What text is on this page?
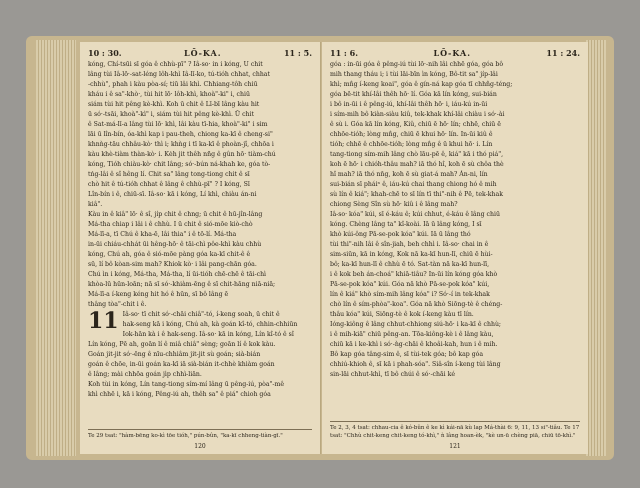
10 : 30.	LŌ-KA.	11 : 5.
kóng, Chí-tsūi sī góa ê chhù-pī" ? Iâ-so· in i kóng, U chit
lâng tùi Iâ-lō·-sat-léng lôh-khì Iâ-lī-ko, tú-tióh chhat, chhat
-chhù", phah i kàu pòa-sí; tiū lâi khì. Chhiang-tôh chiū
kháu i ê sa"-khò·, tùi hit lō· lôh-khì, khoà"-ki" i, chiū
siám tùi hit pêng kè-khì. Koh ū chit ê Lī-bī lâng kàu hit
ū só·-tsāi, khoà"-kì" i, siám tùi hit pêng kè-khì. Ū chit
ê Sat-má-lī-a lâng tùi lō· khì, lâi kàu tī-hia, khoà"-ki" i sim
lāi ū lîn-bín, óa-khì kap i pau-theh, chiong ka-kī ê cheng-si"
khnǹg-tāu chhâu-kò· thì i; khǹg i tī ka-kī ê phoàn-jî, chhōa i
kàu khè-tiàm thàn-kò· i. Kėh jit thêh nñg ê gûn hō· tiàm-chú
kóng, Tióh chiàu-kò· chit lâng; só·-bún ná-khah ke, góa tò-
tńg-lâi ê sî hêng lí. Chit sa" lâng tong-tiong chit ê sī
chò hit ê tú-tióh chhat ê lâng ê chhù-pī" ? I kóng, Sī
Lîn-bín i ê, chiū-sī. Iâ-so· kā i kóng, Lí khì, chiàu án-ni
kiâ".
Kàu in ê kiâ" lō· ê sî, ji̍p chit ê chng; ū chit ê hū-jîn-lâng
Má-tha chiap i lâi i ê chhù. I ū chit ê sió-mōe kiò-chò
Má-lī-a, tī Chú ê kha-ē, lâi thia" i ê tō-lí. Má-tha
in-ūi chiáu-chhát ūi hêng-hō· ê tāi-chì pôe-khì kàu chhù
kóng, Chú ah, góa ê sió-mōe pàng góa ka-kī chit-ê ê
sū, lí bô kòan-sim mah? Khiok kò· i lâi pang-chān góa.
Chú ìn i kóng, Má-tha, Má-tha, lí ūi-tióh chē-chē ê tāi-chì
khòa-lū hūn-loān; nā sī só·-khiàm-ēng ê sī chit-hāng niā-niā;
Má-lī-a í-keng kéng hit hó ê hūn, sī bô lâng ē
thâng tòa"-chit i ê.
11 Iâ-so· tī chit só·-chāi chiâ"-tó, í-keng soah, ū chit ê
hak-seng kā i kóng, Chú ah, kà goán kî-tó, chhin-chhiūn
Iok-hān kà i ê hak-seng. Iâ-so· kā in kóng, Lín kî-tó ê sî
Lín kóng, Pē ah, goān lí ê miâ chiâ" sèng; goān lí ê kok kàu.
Goán jit-jit só·-ēng ê nīu-chhiâm jit-jit sù goán; sià-bián
goán ê chōe, in-ūi goán ka-kī iā sià-bián it-chhè khiàm goán
ê lâng; mài chhōa goán ji̍p chhì-liān.
Koh tùi in kóng, Lín tang-tiong sím-mí lâng ū pêng-iú, pòa"-mê
khì chhē i, kā i kóng, Pêng-iú ah, thêh sa" ê piá" chioh góa
Te 29 tsat: "hàm-bēng ko-kì tōe tióh," pún-bûn, "ka-kī chheng-tiàn-gī."
120
11 : 6.	LŌ-KA.	11 : 24.
góa : in-ūi góa ê pêng-iú tùi lō·-nih lâi chhē góa, góa bô
mih thang tháu i; i tùi lāi-bīn ìn kóng, Bô-tit sa" ji̍p-lâi
khì; mn̂g í-keng koai", góa ê gín-ná kap góa tī chhn̂g-téng;
góa bē-tit khí-lâi thêh hō· lí. Góa kā lín kóng, sui-bián
i bô in-ūi i ê pêng-iú, khí-lâi thêh hō· i, iáu-kú in-ūi
i sím-mih bô kiàn-siàu kiû, tek-khak khí-lâi chiàu i só·-ài
ê sù i. Góa kā lín kóng, Kiû, chiū ē hō· lín; chhē, chiū ē
chhōe-tióh; lòng mn̂g, chiū ē khui hō· lín. In-ūi kiû ê
tióh; chhē ê chhōe-tióh; lòng mn̂g ê ū khui hō· i. Lín
tang-tiong sím-mih lâng chò lāu-pē ê, kiá" kā i thó piá",
koh ē hō· i chióh-thâu mah? iā thó hî, koh ē sù chôa thè
hî mah? iā thó nn̄g, koh ē sù giat-á mah? Án-ni, lín
sui-bián sī pháiⁿ ê, iáu-kú chai thang chiong hó ê mih
sù lín ê kiá"; khah-chē to sī lín tī thi"-nih ê Pē, tek-khak
chiong Sèng Sîn sù hō· kiû i ê lâng mah?
Iâ-so· kóa" kúi, sī é-káu ê; kúi chhut, é-káu ê lâng chiū
kóng. Chèng lâng ta" kî-koài. Iā ū lâng kóng, I sī
khò kúi-ông Pā-se-pok kóa" kúi. Iā ū lâng thó
tùi thi"-nih lâi ê sîn-jiah, beh chhì i. Iâ-so· chai in ê
sim-siūn, kā in kóng, Kok nā ka-kī hun-lī, chiū ē hùi-
bô; ka-kī hun-lī ê chhù ē tó. Sat-tàn nā ka-kī hun-lī,
i ê kok beh án-choá" khiā-tiâu? In-ūi lín kóng góa khò
Pā-se-pok kóa" kúi. Góa nā khò Pā-se-pok kóa" kúi,
lín ê kiá" khò sím-mih lâng kóa" i? Só·-í in tek-khak
chò lín ê sím-phòa"-koa". Góa nā khò Siōng-tè ê chéng-
thâu kóa" kúi, Siōng-tè ê kok í-keng kàu tī lín.
Ióng-kiông ê lâng chhut-chhiong siú-hō· i ka-kī ê chhù;
i ê mih-kiā" chiū pêng-an. Tōa-kiông-kè i ê lâng kàu,
chiū kā i ke-khì i só·-ǹg-chāi ê khoâi-kah, hun i ê mih.
Bô kap góa tâng-sim ê, sī tùi-tek góa; bô kap góa
chhiú-khioh ê, sī kā i phah-sóa". Siâ-sîn í-keng tùi lâng
sin-lāi chhut-khì, tī bô chúi ê só·-chāi ké
Te 2, 3, 4 tsat: chhau-cia ê kó-bûn ê ke kì kái-nā kù lap Má-thài 6: 9, 11, 13 si"-tiâu. Te 17 tsat: "Chhù chit-keng chit-keng tó-khì," ǹ lâng hoan-èk, "kè un-ū chèng piā, chiū tō-khì."
121
